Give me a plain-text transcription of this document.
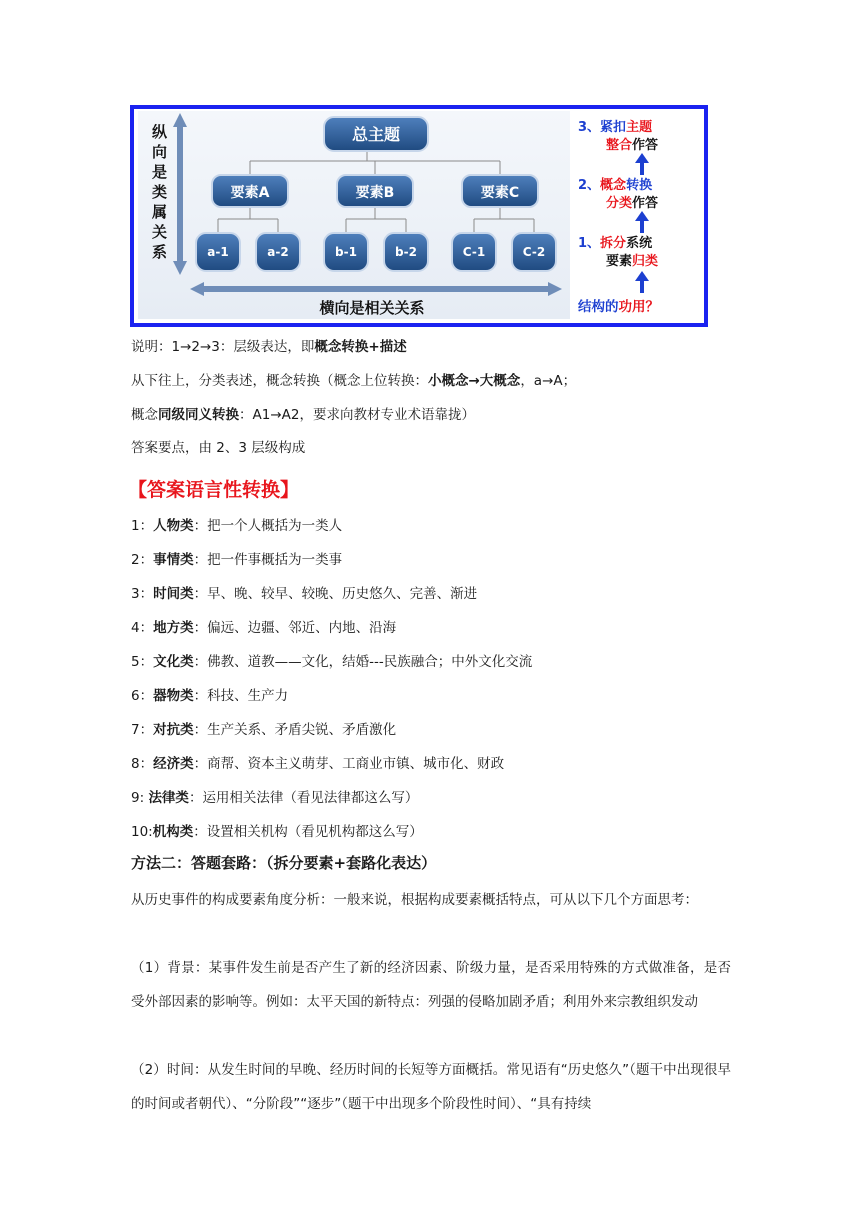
纵
向
是
类
属
关
系
总主题
要素A	要素B	要素C
a-1	a-2	b-1	b-2	C-1	C-2
横向是相关关系
3、紧扣主题
整合作答
2、概念转换
分类作答
1、拆分系统
要素归类
结构的功用？
说明：1→2→3：层级表达，即概念转换+描述
从下往上，分类表述，概念转换（概念上位转换：小概念→大概念，a→A；
概念同级同义转换：A1→A2，要求向教材专业术语靠拢）
答案要点，由 2、3 层级构成
【答案语言性转换】
1：人物类：把一个人概括为一类人
2：事情类：把一件事概括为一类事
3：时间类：早、晚、较早、较晚、历史悠久、完善、渐进
4：地方类：偏远、边疆、邻近、内地、沿海
5：文化类：佛教、道教——文化，结婚---民族融合；中外文化交流
6：器物类：科技、生产力
7：对抗类：生产关系、矛盾尖锐、矛盾激化
8：经济类：商帮、资本主义萌芽、工商业市镇、城市化、财政
9: 法律类：运用相关法律（看见法律都这么写）
10:机构类：设置相关机构（看见机构都这么写）
方法二：答题套路：（拆分要素+套路化表达）
从历史事件的构成要素角度分析：一般来说，根据构成要素概括特点，可从以下几个方面思考：
（1）背景：某事件发生前是否产生了新的经济因素、阶级力量，是否采用特殊的方式做准备，是否受外部因素的影响等。例如：太平天国的新特点：列强的侵略加剧矛盾；利用外来宗教组织发动
（2）时间：从发生时间的早晚、经历时间的长短等方面概括。常见语有“历史悠久”（题干中出现很早的时间或者朝代）、“分阶段”“逐步”（题干中出现多个阶段性时间）、“具有持续
